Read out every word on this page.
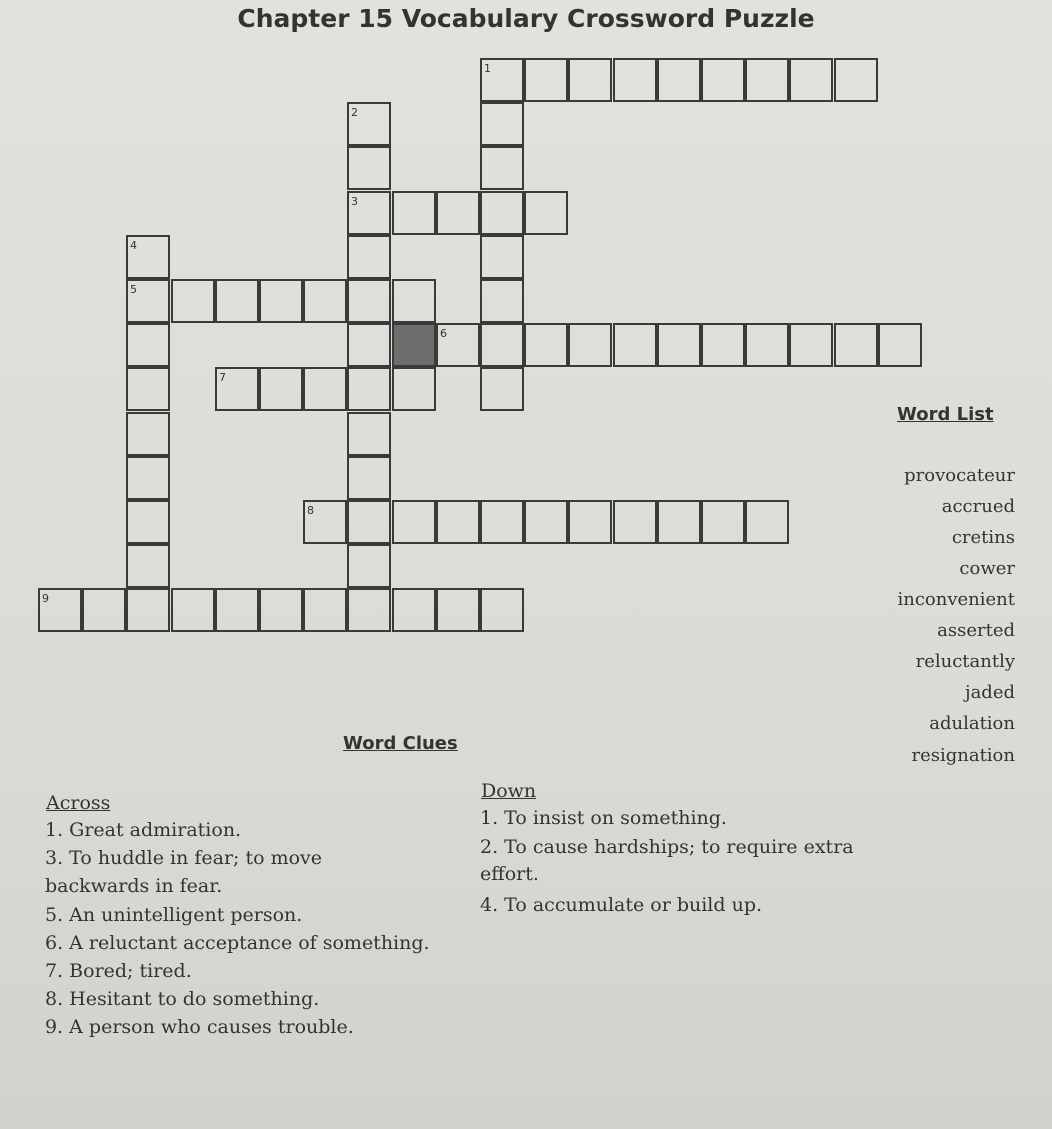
Chapter 15 Vocabulary Crossword Puzzle
1
2
3
4
5
6
7
8
9
Word List
provocateur
accrued
cretins
cower
inconvenient
asserted
reluctantly
jaded
adulation
resignation
Word Clues
Across
1. Great admiration.
3. To huddle in fear; to move
backwards in fear.
5. An unintelligent person.
6. A reluctant acceptance of something.
7. Bored; tired.
8. Hesitant to do something.
9. A person who causes trouble.
Down
1. To insist on something.
2. To cause hardships; to require extra
effort.
4. To accumulate or build up.
